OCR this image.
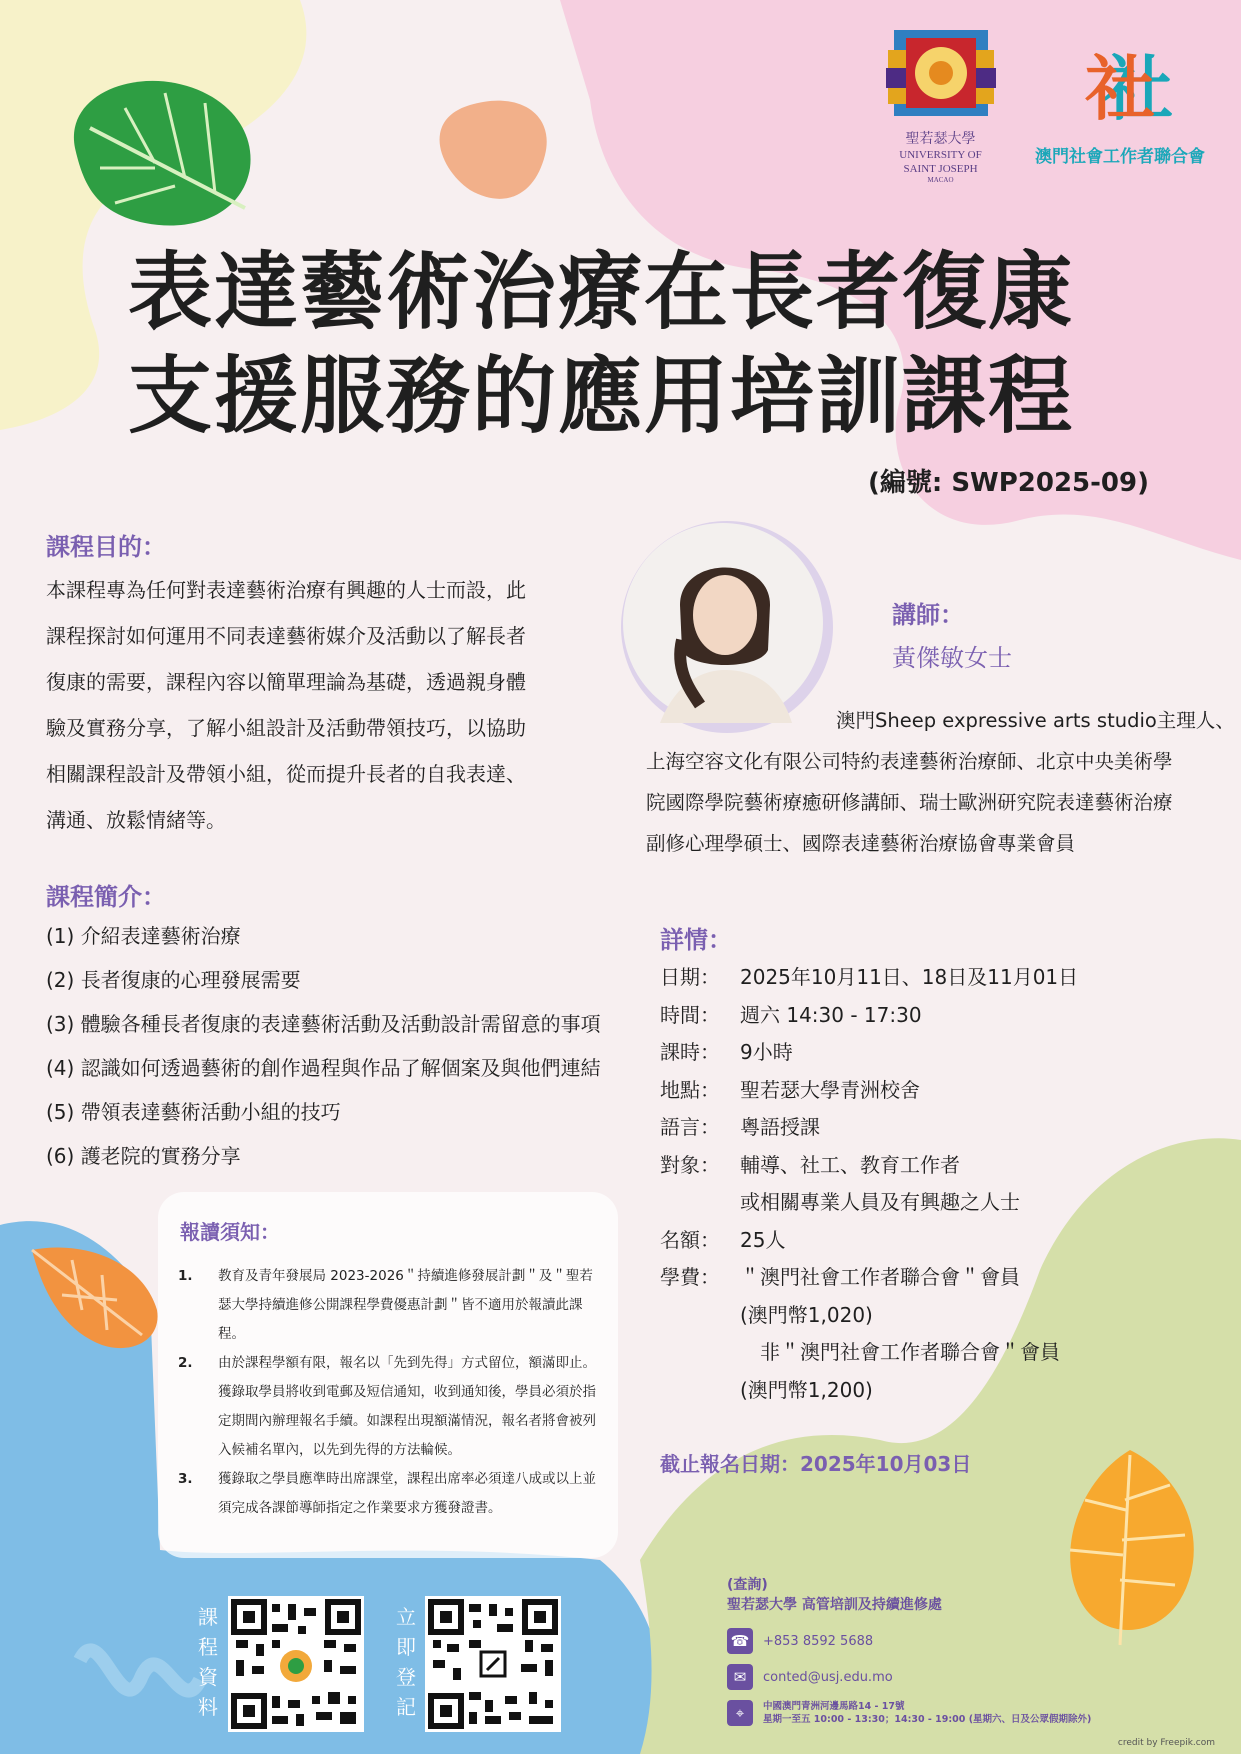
聖若瑟大學
UNIVERSITY OF
SAINT JOSEPH
MACAO
社
澳門社會工作者聯合會
表達藝術治療在長者復康
支援服務的應用培訓課程
(編號: SWP2025-09)
課程目的：
本課程專為任何對表達藝術治療有興趣的人士而設，此
課程探討如何運用不同表達藝術媒介及活動以了解長者
復康的需要，課程內容以簡單理論為基礎，透過親身體
驗及實務分享，了解小組設計及活動帶領技巧，以協助
相關課程設計及帶領小組，從而提升長者的自我表達、
溝通、放鬆情緒等。
課程簡介：
(1) 介紹表達藝術治療
(2) 長者復康的心理發展需要
(3) 體驗各種長者復康的表達藝術活動及活動設計需留意的事項
(4) 認識如何透過藝術的創作過程與作品了解個案及與他們連結
(5) 帶領表達藝術活動小組的技巧
(6) 護老院的實務分享
講師：
黃傑敏女士
澳門Sheep expressive arts studio主理人、
上海空容文化有限公司特約表達藝術治療師、北京中央美術學
院國際學院藝術療癒研修講師、瑞士歐洲研究院表達藝術治療
副修心理學碩士、國際表達藝術治療協會專業會員
詳情：
日期：	2025年10月11日、18日及11月01日
時間：	週六 14:30 - 17:30
課時：	9小時
地點：	聖若瑟大學青洲校舍
語言：	粵語授課
對象：	輔導、社工、教育工作者
或相關專業人員及有興趣之人士
名額：	25人
學費：	＂澳門社會工作者聯合會＂會員
(澳門幣1,020)
　非＂澳門社會工作者聯合會＂會員
(澳門幣1,200)
截止報名日期：2025年10月03日
報讀須知：
1. 教育及青年發展局 2023-2026＂持續進修發展計劃＂及＂聖若瑟大學持續進修公開課程學費優惠計劃＂皆不適用於報讀此課程。
2. 由於課程學額有限，報名以「先到先得」方式留位，額滿即止。獲錄取學員將收到電郵及短信通知，收到通知後，學員必須於指定期間內辦理報名手續。如課程出現額滿情況，報名者將會被列入候補名單內，以先到先得的方法輪候。
3. 獲錄取之學員應準時出席課堂，課程出席率必須達八成或以上並須完成各課節導師指定之作業要求方獲發證書。
課
程
資
料
立
即
登
記
(查詢)
聖若瑟大學 高管培訓及持續進修處
☎ +853 8592 5688
✉	conted@usj.edu.mo
⌖	中國澳門青洲河邊馬路14 - 17號
星期一至五 10:00 - 13:30；14:30 - 19:00 (星期六、日及公眾假期除外)
credit by Freepik.com
